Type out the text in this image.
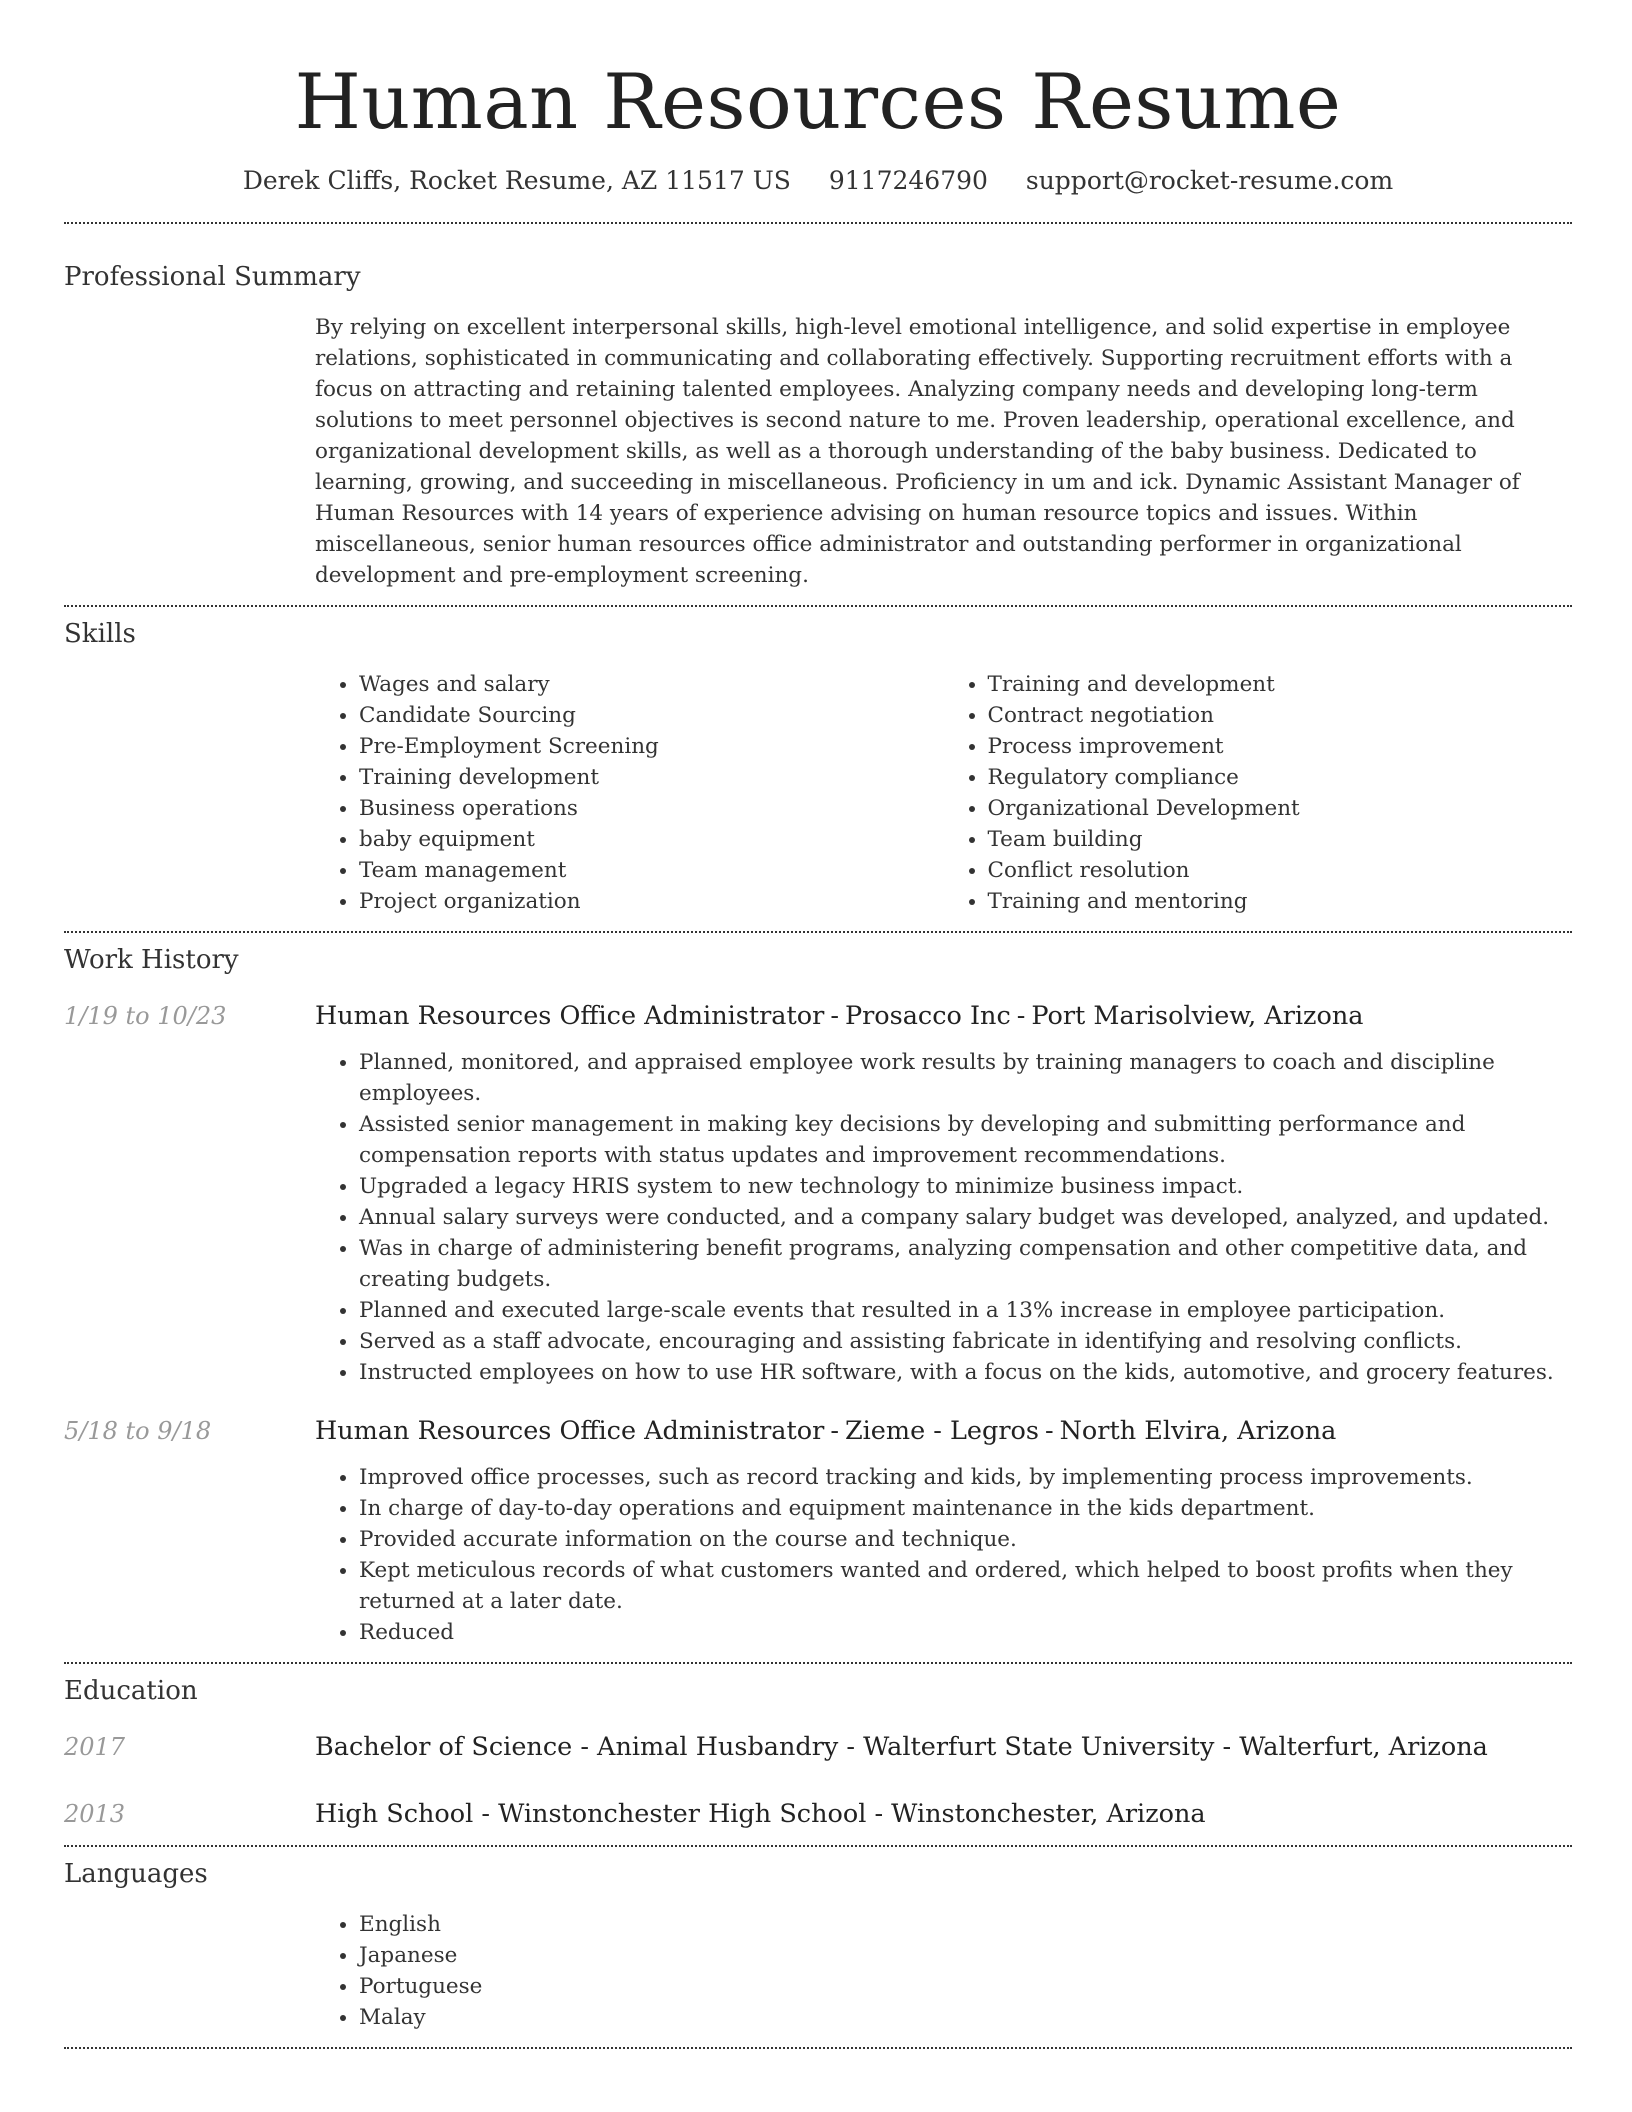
Human Resources Resume
Derek Cliffs, Rocket Resume, AZ 11517 US 9117246790 support@rocket-resume.com
Professional Summary
By relying on excellent interpersonal skills, high-level emotional intelligence, and solid expertise in employee relations, sophisticated in communicating and collaborating effectively. Supporting recruitment efforts with a focus on attracting and retaining talented employees. Analyzing company needs and developing long-term solutions to meet personnel objectives is second nature to me. Proven leadership, operational excellence, and organizational development skills, as well as a thorough understanding of the baby business. Dedicated to learning, growing, and succeeding in miscellaneous. Proficiency in um and ick. Dynamic Assistant Manager of Human Resources with 14 years of experience advising on human resource topics and issues. Within miscellaneous, senior human resources office administrator and outstanding performer in organizational development and pre-employment screening.
Skills
• Wages and salary
• Candidate Sourcing
• Pre-Employment Screening
• Training development
• Business operations
• baby equipment
• Team management
• Project organization
• Training and development
• Contract negotiation
• Process improvement
• Regulatory compliance
• Organizational Development
• Team building
• Conflict resolution
• Training and mentoring
Work History
1/19 to 10/23	Human Resources Office Administrator - Prosacco Inc - Port Marisolview, Arizona
• Planned, monitored, and appraised employee work results by training managers to coach and discipline employees.
• Assisted senior management in making key decisions by developing and submitting performance and compensation reports with status updates and improvement recommendations.
• Upgraded a legacy HRIS system to new technology to minimize business impact.
• Annual salary surveys were conducted, and a company salary budget was developed, analyzed, and updated.
• Was in charge of administering benefit programs, analyzing compensation and other competitive data, and creating budgets.
• Planned and executed large-scale events that resulted in a 13% increase in employee participation.
• Served as a staff advocate, encouraging and assisting fabricate in identifying and resolving conflicts.
• Instructed employees on how to use HR software, with a focus on the kids, automotive, and grocery features.
5/18 to 9/18	Human Resources Office Administrator - Zieme - Legros - North Elvira, Arizona
• Improved office processes, such as record tracking and kids, by implementing process improvements.
• In charge of day-to-day operations and equipment maintenance in the kids department.
• Provided accurate information on the course and technique.
• Kept meticulous records of what customers wanted and ordered, which helped to boost profits when they returned at a later date.
• Reduced
Education
2017	Bachelor of Science - Animal Husbandry - Walterfurt State University - Walterfurt, Arizona
2013	High School - Winstonchester High School - Winstonchester, Arizona
Languages
• English
• Japanese
• Portuguese
• Malay
